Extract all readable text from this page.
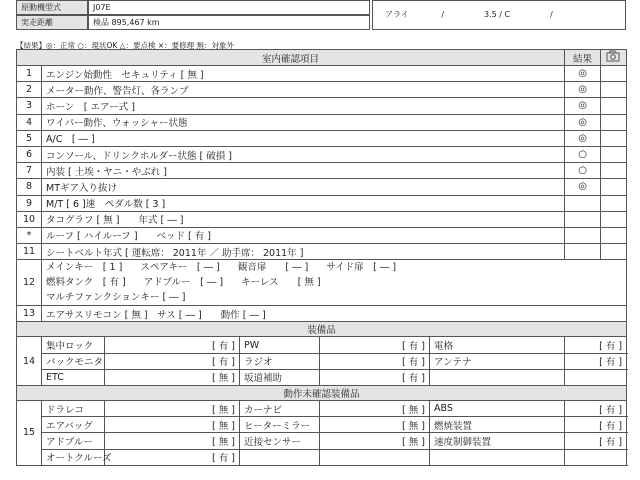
原動機型式	J07E
実走距離	検品 895,467 km
アライ	/　　　　　3.5 / C　　　　　/
【結果】◎：正常 ○：現状OK △：要点検 ×：要修理 無：対象外
室内確認項目						結果	
1	エンジン始動性　セキュリティ [ 無 ]					◎	
2	メーター動作、警告灯、各ランプ					◎	
3	ホーン　[ エアー式 ]					◎	
4	ワイパー動作、ウォッシャー状態					◎	
5	A/C　[ ― ]					◎	
6	コンソール、ドリンクホルダー状態 [ 破損 ]					○	
7	内装 [ 土埃・ヤニ・やぶれ ]					○	
8	MTギア入り抜け					◎	
9	M/T [ 6 ]速　ペダル数 [ 3 ]						
10	タコグラフ [ 無 ]　　年式 [ ― ]						
*	ルーフ [ ハイルーフ ]　　ベッド [ 有 ]						
11	シートベルト年式 [ 運転席： 2011年 ／ 助手席： 2011年 ]						
12	メインキー　[ 1 ] スペアキー　[ ― ] 観音扉　　[ ― ] サイド扉　[ ― ]
燃料タンク　[ 有 ] アドブルー　[ ― ] キーレス　　[ 無 ]
マルチファンクションキー [ ― ]						

13	エアサスリモコン [ 無 ]　サス [ ― ]　　動作 [ ― ]						
装備品							
14	集中ロック	[ 有 ]	PW	[ 有 ]	電格	[ 有 ]	
	バックモニタ	[ 有 ]	ラジオ	[ 有 ]	アンテナ	[ 有 ]	
	ETC	[ 無 ]	坂道補助	[ 有 ]			
動作未確認装備品							
15	ドラレコ	[ 無 ]	カーナビ	[ 無 ]	ABS	[ 有 ]	
	エアバッグ	[ 無 ]	ヒーターミラー	[ 無 ]	燃焼装置	[ 有 ]	
	アドブルー	[ 無 ]	近接センサー	[ 無 ]	速度制御装置	[ 有 ]	
	オートクルーズ	[ 有 ]					
